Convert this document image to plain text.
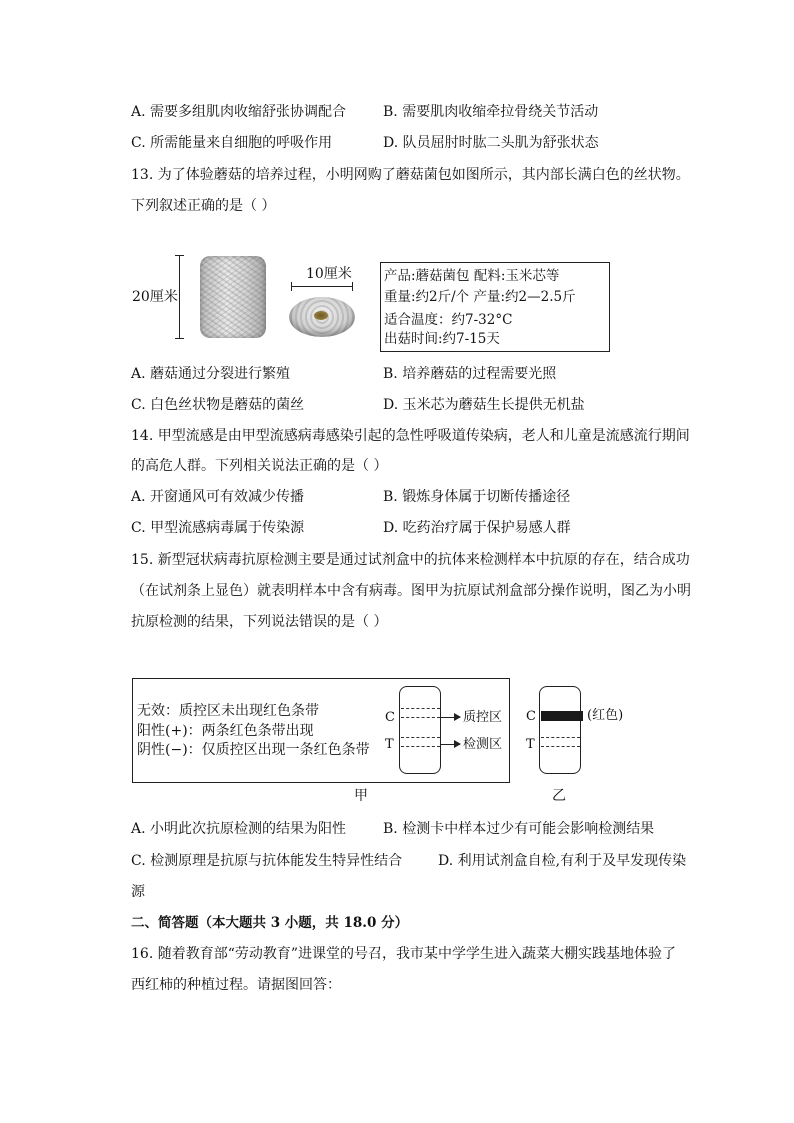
A. 需要多组肌肉收缩舒张协调配合	B. 需要肌肉收缩牵拉骨绕关节活动
C. 所需能量来自细胞的呼吸作用	D. 队员屈肘时肱二头肌为舒张状态
13. 为了体验蘑菇的培养过程，小明网购了蘑菇菌包如图所示，其内部长满白色的丝状物。
下列叙述正确的是（ ）
20厘米
10厘米 产品:蘑菇菌包 配料:玉米芯等
重量:约2斤/个 产量:约2—2.5斤
适合温度：约7-32°C
出菇时间:约7-15天
A. 蘑菇通过分裂进行繁殖	B. 培养蘑菇的过程需要光照
C. 白色丝状物是蘑菇的菌丝	D. 玉米芯为蘑菇生长提供无机盐
14. 甲型流感是由甲型流感病毒感染引起的急性呼吸道传染病，老人和儿童是流感流行期间
的高危人群。下列相关说法正确的是（ ）
A. 开窗通风可有效减少传播	B. 锻炼身体属于切断传播途径
C. 甲型流感病毒属于传染源	D. 吃药治疗属于保护易感人群
15. 新型冠状病毒抗原检测主要是通过试剂盒中的抗体来检测样本中抗原的存在，结合成功
（在试剂条上显色）就表明样本中含有病毒。图甲为抗原试剂盒部分操作说明，图乙为小明
抗原检测的结果，下列说法错误的是（ ）
无效：质控区未出现红色条带
阳性(+)：两条红色条带出现
阴性(−)：仅质控区出现一条红色条带
C
T
质控区
检测区
甲
C
T
(红色)
乙
A. 小明此次抗原检测的结果为阳性	B. 检测卡中样本过少有可能会影响检测结果
C. 检测原理是抗原与抗体能发生特异性结合	D. 利用试剂盒自检,有利于及早发现传染
源
二、简答题（本大题共 3 小题，共 18.0 分）
16. 随着教育部“劳动教育”进课堂的号召，我市某中学学生进入蔬菜大棚实践基地体验了
西红柿的种植过程。请据图回答：
